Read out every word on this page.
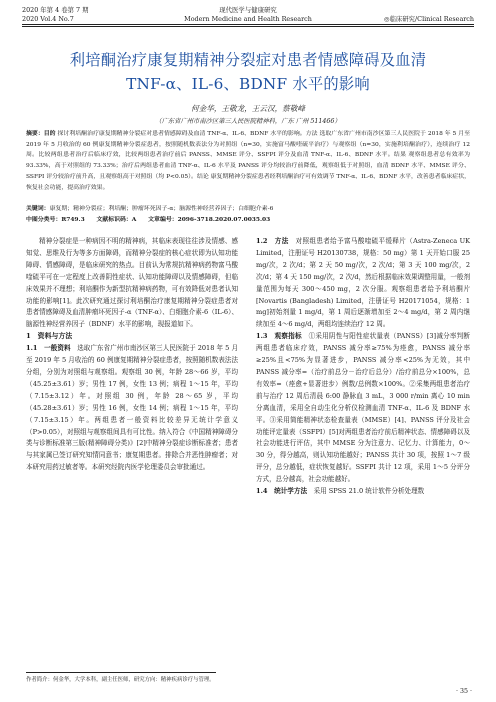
2020 年第 4 卷第 7 期
2020 Vol.4 No.7
现代医学与健康研究
Modern Medicine and Health Research	◎临床研究/Clinical Research
利培酮治疗康复期精神分裂症对患者情感障碍及血清
TNF-α、IL-6、BDNF 水平的影响
何金华，王敬龙，王云汉，蔡敬峰
（广东省广州市南沙区第三人民医院精神科，广东 广州 511466）
摘要：目的 探讨利培酮治疗康复期精神分裂症对患者情感障碍及血清 TNF-α、IL-6、BDNF 水平的影响。方法 选取广东省广州市南沙区第三人民医院于 2018 年 5 月至 2019 年 5 月收治的 60 例康复期精神分裂症患者，按照随机数表法分为对照组（n=30，实施富马酸喹硫平治疗）与观察组（n=30，实施利培酮治疗），连续治疗 12 周。比较两组患者治疗后临床疗效，比较两组患者治疗前后 PANSS、MMSE 评分、SSFPI 评分及血清 TNF-α、IL-6、BDNF 水平。结果 观察组患者总有效率为 93.33%，高于对照组的 73.33%；治疗后两组患者血清 TNF-α、IL-6 水平及 PANSS 评分均较治疗前降低，观察组低于对照组，血清 BDNF 水平、MMSE 评分、SSFPI 评分较治疗前升高，且观察组高于对照组（均 P<0.05）。结论 康复期精神分裂症患者经利培酮治疗可有效调节 TNF-α、IL-6、BDNF 水平，改善患者临床症状，恢复社会功能，提高治疗效果。
关键词：康复期；精神分裂症；利培酮；肿瘤坏死因子-α；脑源性神经营养因子；白细胞介素-6
中图分类号：R749.3　　文献标识码：A　　文章编号：2096-3718.2020.07.0035.03

精神分裂症是一种病因不明的精神病，其临床表现往往涉及情感、感知觉、思维及行为等多方面障碍，而精神分裂症的核心症状即为认知功能障碍、情感障碍，是临床研究的热点。目前认为常规抗精神病药物富马酸喹硫平可在一定程度上改善阴性症状、认知功能障碍以及情感障碍，但临床效果并不理想；利培酮作为新型抗精神病药物，可有效降低对患者认知功能的影响[1]。此次研究通过探讨利培酮治疗康复期精神分裂症患者对患者情感障碍及血清肿瘤坏死因子-α（TNF-α）、白细胞介素-6（IL-6）、脑源性神经营养因子（BDNF）水平的影响，现报道如下。

1　资料与方法

1.1　一般资料　选取广东省广州市南沙区第三人民医院于 2018 年 5 月至 2019 年 5 月收治的 60 例康复期精神分裂症患者，按照随机数表法法分组，分别为对照组与观察组。观察组 30 例，年龄 28～66 岁，平均（45.25±3.61）岁；男性 17 例，女性 13 例；病程 1～15 年，平均（7.15±3.12）年。对照组 30 例，年龄 28～65 岁，平均（45.28±3.61）岁；男性 16 例，女性 14 例；病程 1～15 年，平均（7.15±3.15）年。两组患者一般资料比较差异无统计学意义（P>0.05），对照组与观察组间具有可比性。纳入符合《中国精神障碍分类与诊断标准第三版(精神障碍分类)》[2]中精神分裂症诊断标准者；患者与其家属已签订研究知情同意书；康复期患者。排除合并恶性肿瘤者；对本研究用药过敏者等。本研究经院内医学伦理委员会审批通过。

1.2　方法　对照组患者给予富马酸喹硫平缓释片（Astra-Zeneca UK Limited，注册证号 H20130738，规格：50 mg）第 1 天开始口服 25 mg/次，2 次/d；第 2 天 50 mg/次，2 次/d；第 3 天 100 mg/次，2 次/d；第 4 天 150 mg/次，2 次/d，然后根据临床效果调整用量，一般剂量范围为每天 300～450 mg，2 次分服。观察组患者给予利培酮片[Novartis (Bangladesh) Limited，注册证号 H20171054，规格：1 mg]初始剂量 1 mg/d，第 1 周后逐渐增加至 2～4 mg/d，第 2 周内继续加至 4～6 mg/d，两组均连续治疗 12 周。

1.3　观察指标　①采用阴性与阳性症状量表（PANSS）[3]减分率判断两组患者临床疗效，PANSS 减分率≥75%为痊愈，PANSS 减分率≥25%且<75%为显著进步，PANSS 减分率<25%为无效，其中 PANSS 减分率=（治疗前总分－治疗后总分）/治疗前总分×100%，总有效率=（痊愈+显著进步）例数/总例数×100%。②采集两组患者治疗前与治疗 12 周后清晨 6:00 静脉血 3 mL，3 000 r/min 离心 10 min 分离血清，采用全自动生化分析仪检测血清 TNF-α、IL-6 及 BDNF 水平。③采用简能精神状态检查量表（MMSE）[4]、PANSS 评分及社会功能评定量表（SSFPI）[5]对两组患者治疗前后精神状态、情感障碍以及社会功能进行评估，其中 MMSE 分为注意力、记忆力、计算能力，0～30 分，得分越高，则认知功能越好；PANSS 共计 30 项，按照 1～7 级评分，总分越低，症状恢复越好。SSFPI 共计 12 项，采用 1～5 分评分方式，总分越高，社会功能越好。

1.4　统计学方法　采用 SPSS 21.0 统计软件分析处理数

作者简介：何金华，大学本科，副主任医师，研究方向：精神疾病诊疗与管理。
· 35 ·
